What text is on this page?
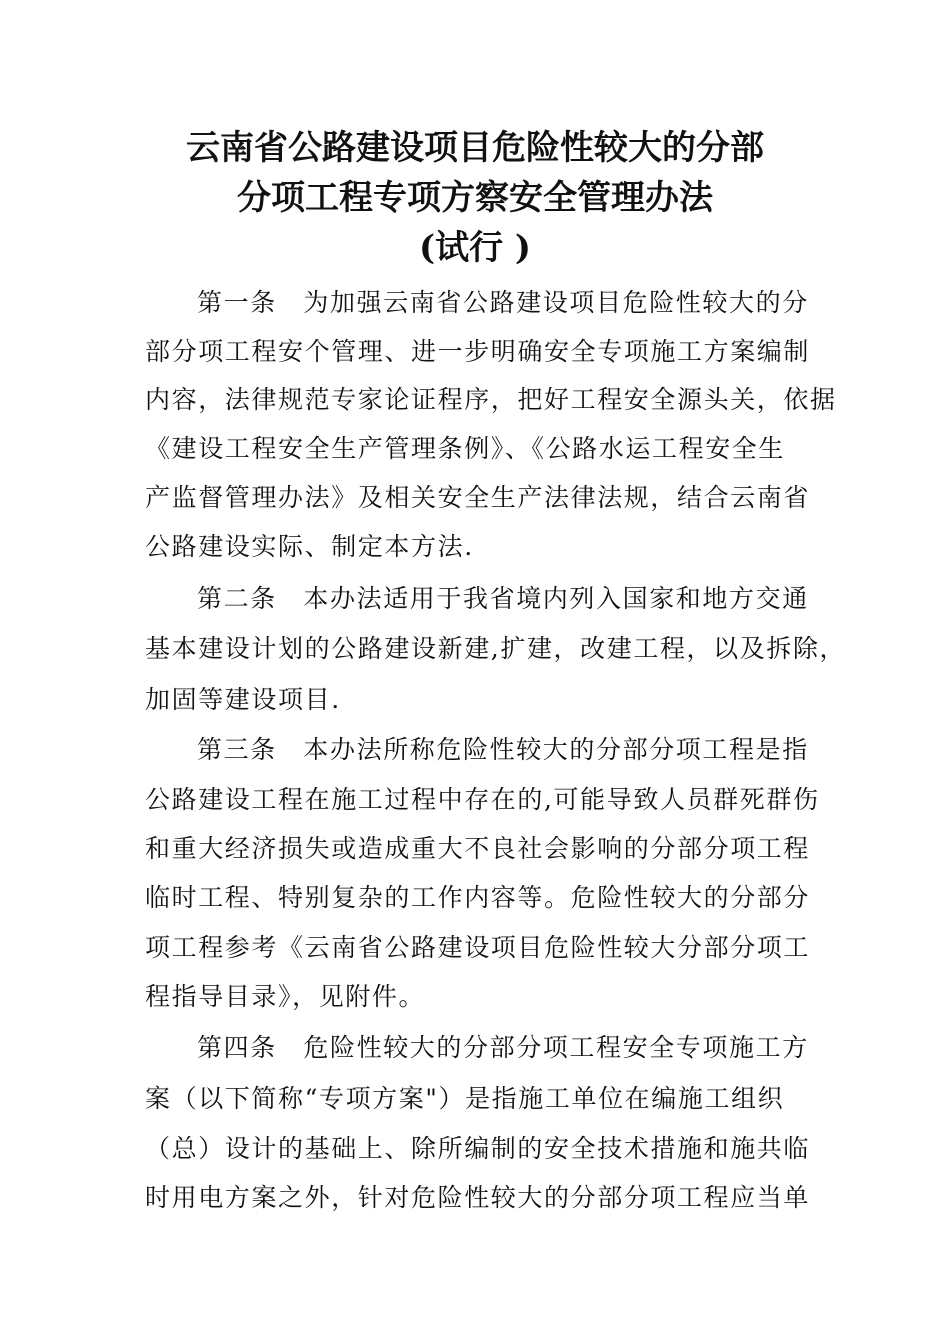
云南省公路建设项目危险性较大的分部
分项工程专项方察安全管理办法
(试行 )
第一条　为加强云南省公路建设项目危险性较大的分
部分项工程安个管理、进一步明确安全专项施工方案编制
内容，法律规范专家论证程序，把好工程安全源头关，依据
《建设工程安全生产管理条例》、《公路水运工程安全生
产监督管理办法》及相关安全生产法律法规，结合云南省
公路建设实际、制定本方法.
第二条　本办法适用于我省境内列入国家和地方交通
基本建设计划的公路建设新建,扩建，改建工程，以及拆除，
加固等建设项目.
第三条　本办法所称危险性较大的分部分项工程是指
公路建设工程在施工过程中存在的,可能导致人员群死群伤
和重大经济损失或造成重大不良社会影响的分部分项工程
临时工程、特别复杂的工作内容等。危险性较大的分部分
项工程参考《云南省公路建设项目危险性较大分部分项工
程指导目录》，见附件。
第四条　危险性较大的分部分项工程安全专项施工方
案（以下简称“专项方案"）是指施工单位在编施工组织
（总）设计的基础上、除所编制的安全技术措施和施共临
时用电方案之外，针对危险性较大的分部分项工程应当单
